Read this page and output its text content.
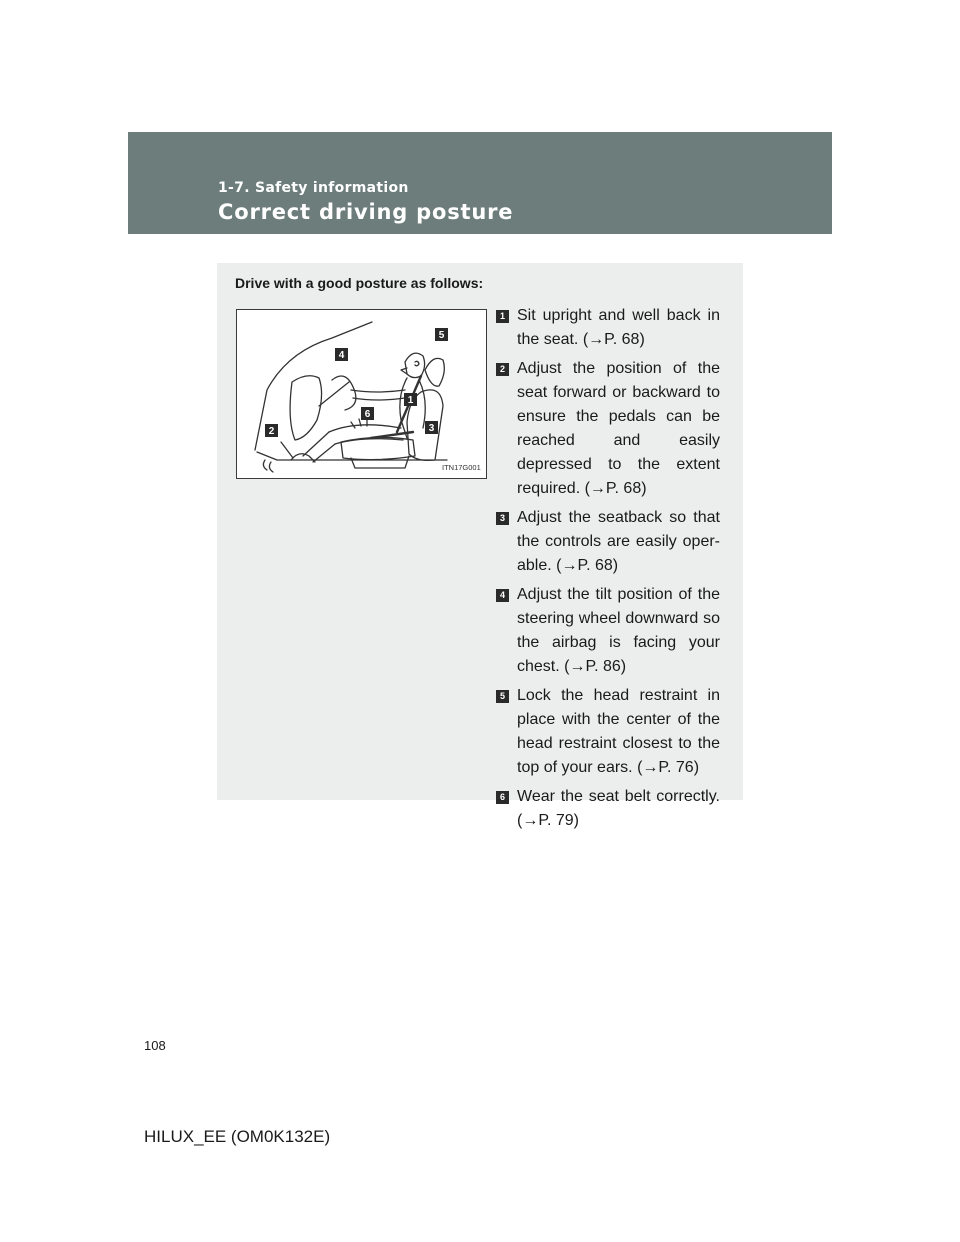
1-7. Safety information
Correct driving posture
Drive with a good posture as follows:
4
5
1
6
3
2
ITN17G001
1 Sit upright and well back in the seat. (→P. 68)
2 Adjust the position of the seat forward or backward to ensure the pedals can be reached and easily depressed to the extent required. (→P. 68)
3 Adjust the seatback so that the controls are easily oper-able. (→P. 68)
4 Adjust the tilt position of the steering wheel downward so the airbag is facing your chest. (→P. 86)
5 Lock the head restraint in place with the center of the head restraint closest to the top of your ears. (→P. 76)
6 Wear the seat belt correctly. (→P. 79)
108
HILUX_EE (OM0K132E)
